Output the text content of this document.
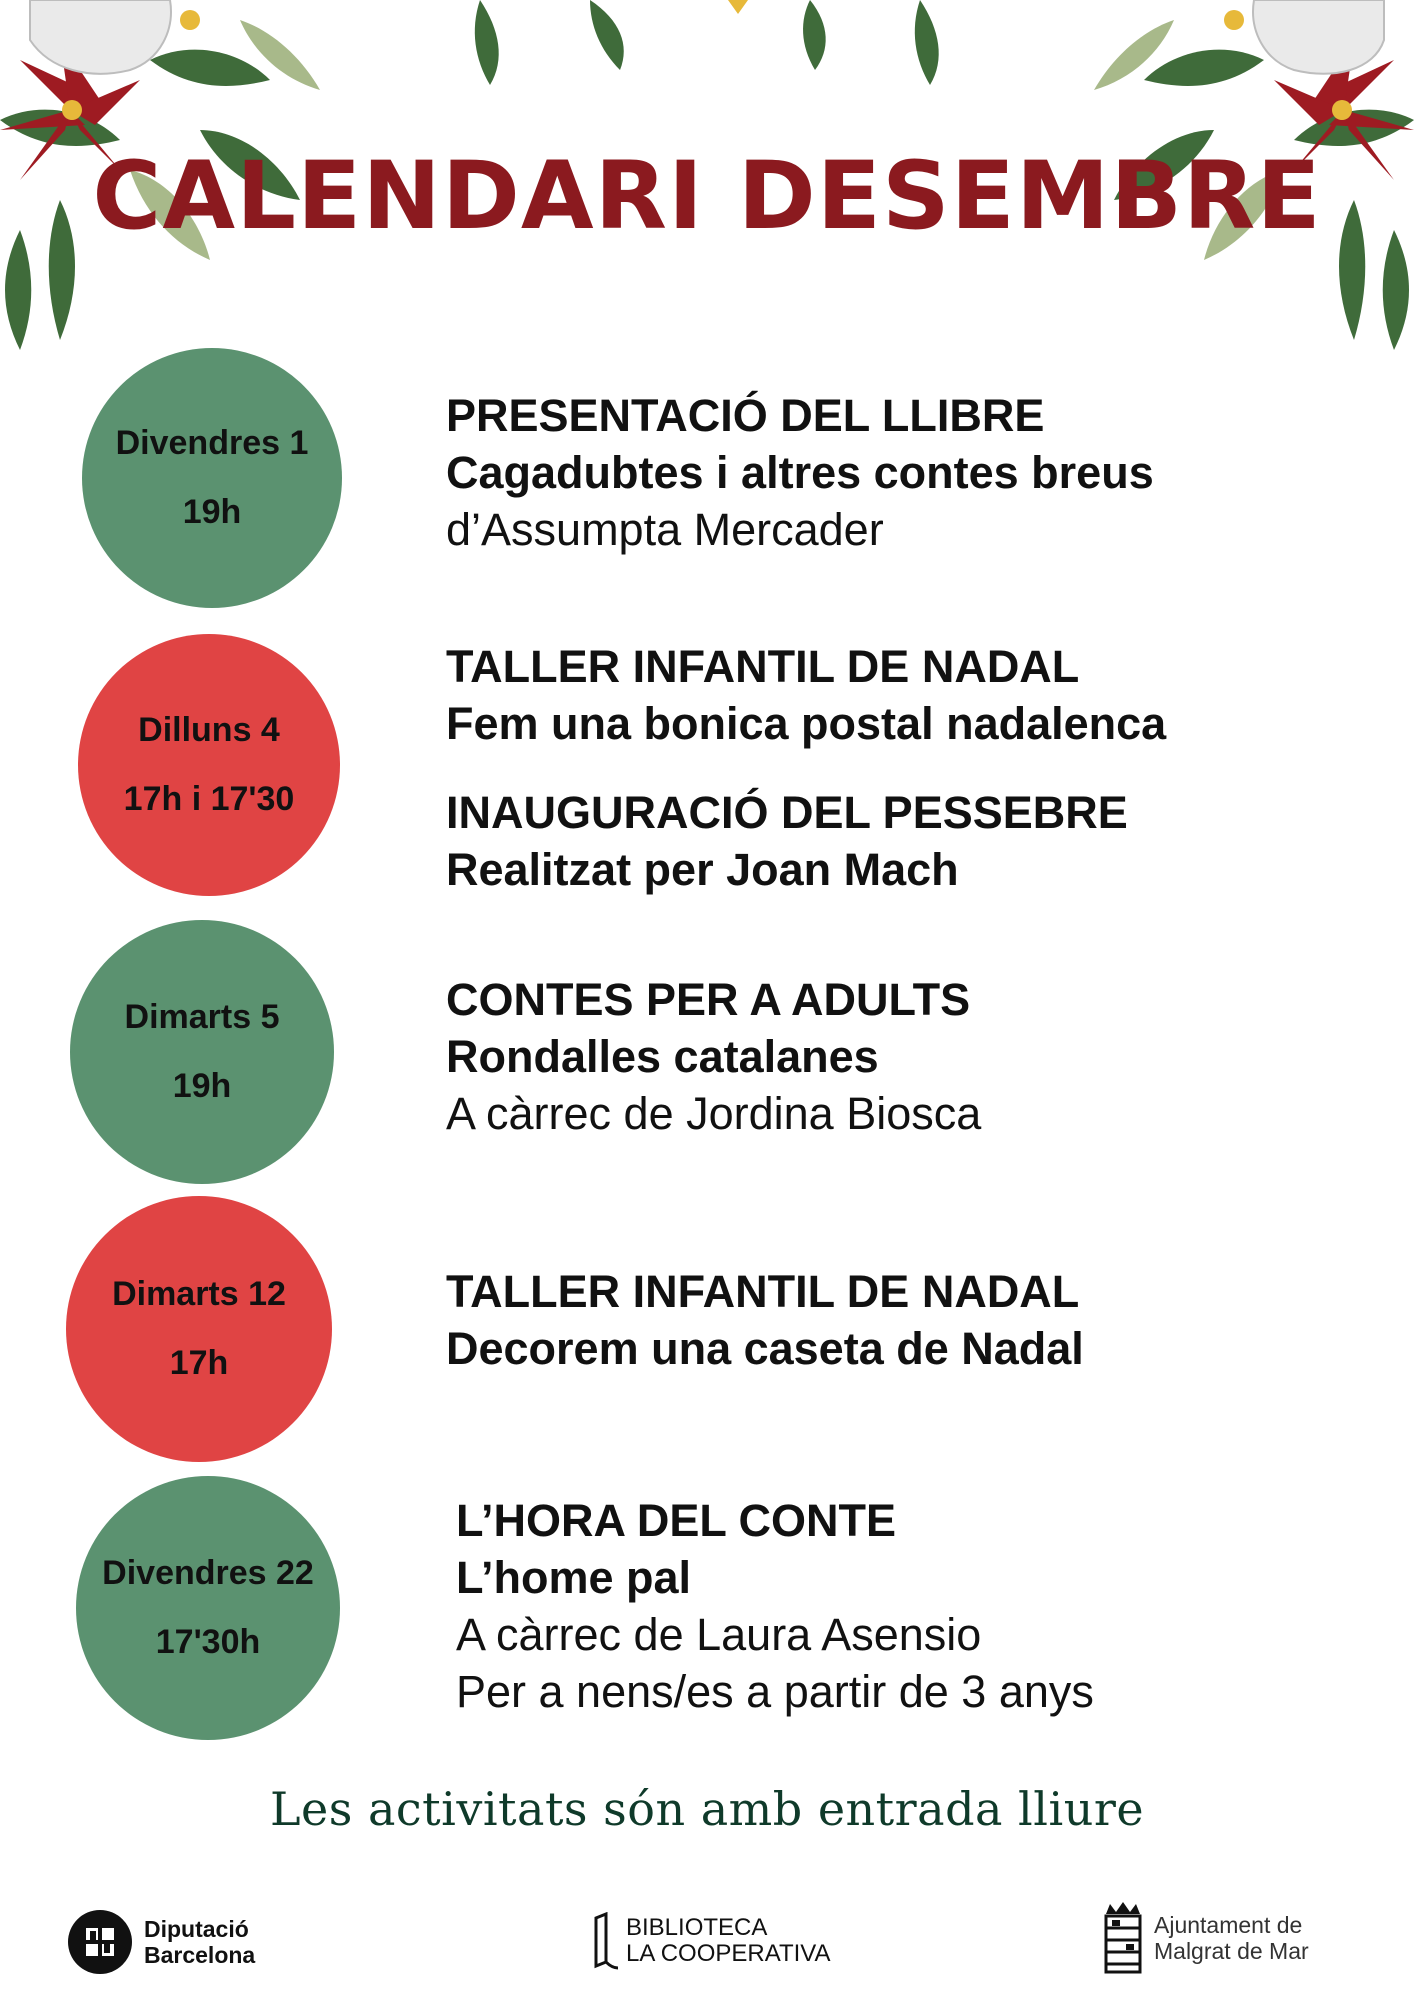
CALENDARI DESEMBRE
Divendres 1
19h
PRESENTACIÓ DEL LLIBRE
Cagadubtes i altres contes breus
d’Assumpta Mercader
Dilluns 4
17h i 17'30
TALLER INFANTIL DE NADAL
Fem una bonica postal nadalenca
INAUGURACIÓ DEL PESSEBRE
Realitzat per Joan Mach
Dimarts 5
19h
CONTES PER A ADULTS
Rondalles catalanes
A càrrec de Jordina Biosca
Dimarts 12
17h
TALLER INFANTIL DE NADAL
Decorem una caseta de Nadal
Divendres 22
17'30h
L’HORA DEL CONTE
L’home pal
A càrrec de Laura Asensio
Per a nens/es a partir de 3 anys
Les activitats són amb entrada lliure
Diputació
Barcelona
BIBLIOTECA
LA COOPERATIVA
Ajuntament de
Malgrat de Mar
